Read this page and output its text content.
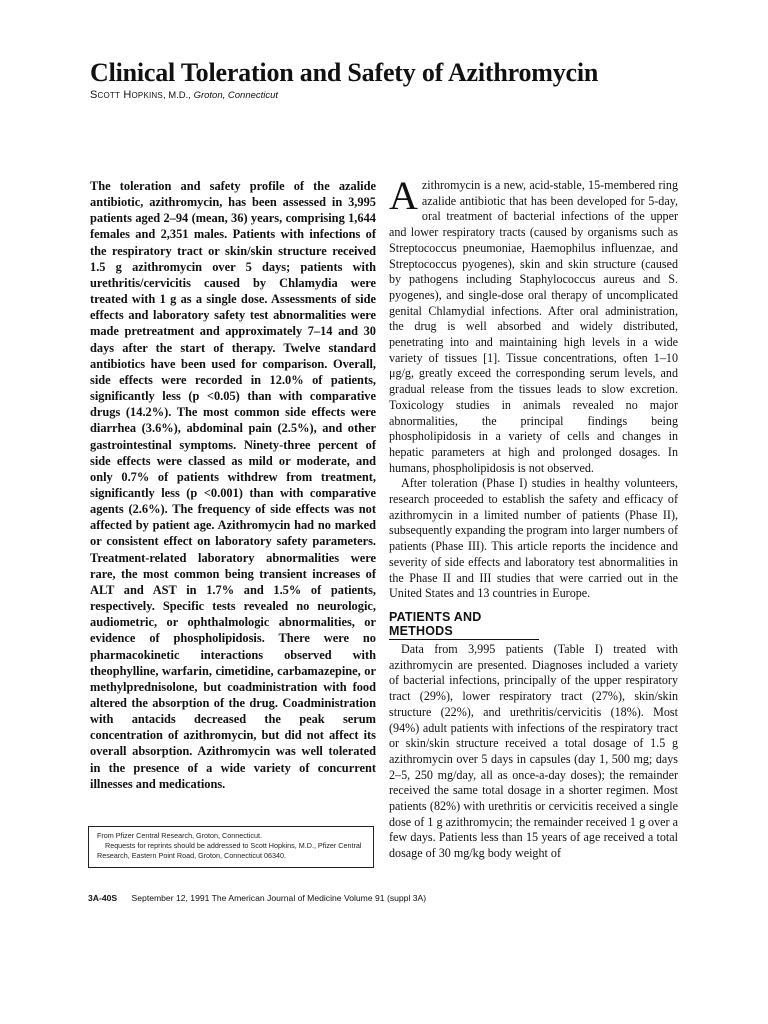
Clinical Toleration and Safety of Azithromycin
Scott Hopkins, M.D., Groton, Connecticut

The toleration and safety profile of the azalide antibiotic, azithromycin, has been assessed in 3,995 patients aged 2–94 (mean, 36) years, comprising 1,644 females and 2,351 males. Patients with infections of the respiratory tract or skin/skin structure received 1.5 g azithromycin over 5 days; patients with urethritis/cervicitis caused by Chlamydia were treated with 1 g as a single dose. Assessments of side effects and laboratory safety test abnormalities were made pretreatment and approximately 7–14 and 30 days after the start of therapy. Twelve standard antibiotics have been used for comparison. Overall, side effects were recorded in 12.0% of patients, significantly less (p <0.05) than with comparative drugs (14.2%). The most common side effects were diarrhea (3.6%), abdominal pain (2.5%), and other gastrointestinal symptoms. Ninety-three percent of side effects were classed as mild or moderate, and only 0.7% of patients withdrew from treatment, significantly less (p <0.001) than with comparative agents (2.6%). The frequency of side effects was not affected by patient age. Azithromycin had no marked or consistent effect on laboratory safety parameters. Treatment-related laboratory abnormalities were rare, the most common being transient increases of ALT and AST in 1.7% and 1.5% of patients, respectively. Specific tests revealed no neurologic, audiometric, or ophthalmologic abnormalities, or evidence of phospholipidosis. There were no pharmacokinetic interactions observed with theophylline, warfarin, cimetidine, carbamazepine, or methylprednisolone, but coadministration with food altered the absorption of the drug. Coadministration with antacids decreased the peak serum concentration of azithromycin, but did not affect its overall absorption. Azithromycin was well tolerated in the presence of a wide variety of concurrent illnesses and medications.

From Pfizer Central Research, Groton, Connecticut.

Requests for reprints should be addressed to Scott Hopkins, M.D., Pfizer Central Research, Eastern Point Road, Groton, Connecticut 06340.

Azithromycin is a new, acid-stable, 15-membered ring azalide antibiotic that has been developed for 5-day, oral treatment of bacterial infections of the upper and lower respiratory tracts (caused by organisms such as Streptococcus pneumoniae, Haemophilus influenzae, and Streptococcus pyogenes), skin and skin structure (caused by pathogens including Staphylococcus aureus and S. pyogenes), and single-dose oral therapy of uncomplicated genital Chlamydial infections. After oral administration, the drug is well absorbed and widely distributed, penetrating into and maintaining high levels in a wide variety of tissues [1]. Tissue concentrations, often 1–10 μg/g, greatly exceed the corresponding serum levels, and gradual release from the tissues leads to slow excretion. Toxicology studies in animals revealed no major abnormalities, the principal findings being phospholipidosis in a variety of cells and changes in hepatic parameters at high and prolonged dosages. In humans, phospholipidosis is not observed.

After toleration (Phase I) studies in healthy volunteers, research proceeded to establish the safety and efficacy of azithromycin in a limited number of patients (Phase II), subsequently expanding the program into larger numbers of patients (Phase III). This article reports the incidence and severity of side effects and laboratory test abnormalities in the Phase II and III studies that were carried out in the United States and 13 countries in Europe.

PATIENTS AND METHODS

Data from 3,995 patients (Table I) treated with azithromycin are presented. Diagnoses included a variety of bacterial infections, principally of the upper respiratory tract (29%), lower respiratory tract (27%), skin/skin structure (22%), and urethritis/cervicitis (18%). Most (94%) adult patients with infections of the respiratory tract or skin/skin structure received a total dosage of 1.5 g azithromycin over 5 days in capsules (day 1, 500 mg; days 2–5, 250 mg/day, all as once-a-day doses); the remainder received the same total dosage in a shorter regimen. Most patients (82%) with urethritis or cervicitis received a single dose of 1 g azithromycin; the remainder received 1 g over a few days. Patients less than 15 years of age received a total dosage of 30 mg/kg body weight of

3A-40S September 12, 1991 The American Journal of Medicine Volume 91 (suppl 3A)
